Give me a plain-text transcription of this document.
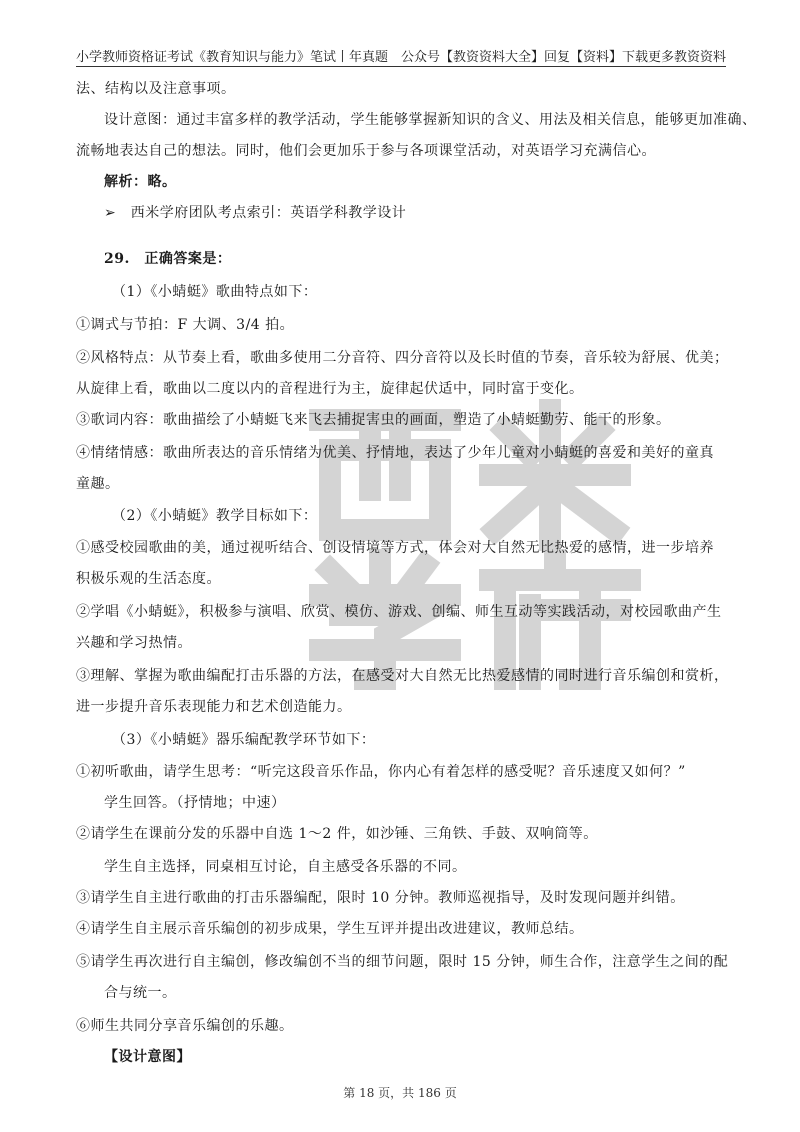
小学教师资格证考试《教育知识与能力》笔试丨年真题 公众号【教资资料大全】回复【资料】下载更多教资资料
法、结构以及注意事项。
设计意图：通过丰富多样的教学活动，学生能够掌握新知识的含义、用法及相关信息，能够更加准确、
流畅地表达自己的想法。同时，他们会更加乐于参与各项课堂活动，对英语学习充满信心。
解析：略。
➢　西米学府团队考点索引：英语学科教学设计
29.　正确答案是：
（1）《小蜻蜓》歌曲特点如下：
①调式与节拍：F 大调、3/4 拍。
②风格特点：从节奏上看，歌曲多使用二分音符、四分音符以及长时值的节奏，音乐较为舒展、优美；
从旋律上看，歌曲以二度以内的音程进行为主，旋律起伏适中，同时富于变化。
③歌词内容：歌曲描绘了小蜻蜓飞来飞去捕捉害虫的画面，塑造了小蜻蜓勤劳、能干的形象。
④情绪情感：歌曲所表达的音乐情绪为优美、抒情地，表达了少年儿童对小蜻蜓的喜爱和美好的童真
童趣。
（2）《小蜻蜓》教学目标如下：
①感受校园歌曲的美，通过视听结合、创设情境等方式，体会对大自然无比热爱的感情，进一步培养
积极乐观的生活态度。
②学唱《小蜻蜓》，积极参与演唱、欣赏、模仿、游戏、创编、师生互动等实践活动，对校园歌曲产生
兴趣和学习热情。
③理解、掌握为歌曲编配打击乐器的方法，在感受对大自然无比热爱感情的同时进行音乐编创和赏析，
进一步提升音乐表现能力和艺术创造能力。
（3）《小蜻蜓》器乐编配教学环节如下：
①初听歌曲，请学生思考：“听完这段音乐作品，你内心有着怎样的感受呢？音乐速度又如何？”
学生回答。（抒情地；中速）
②请学生在课前分发的乐器中自选 1～2 件，如沙锤、三角铁、手鼓、双响筒等。
学生自主选择，同桌相互讨论，自主感受各乐器的不同。
③请学生自主进行歌曲的打击乐器编配，限时 10 分钟。教师巡视指导，及时发现问题并纠错。
④请学生自主展示音乐编创的初步成果，学生互评并提出改进建议，教师总结。
⑤请学生再次进行自主编创，修改编创不当的细节问题，限时 15 分钟，师生合作，注意学生之间的配
合与统一。
⑥师生共同分享音乐编创的乐趣。
【设计意图】
第 18 页，共 186 页
